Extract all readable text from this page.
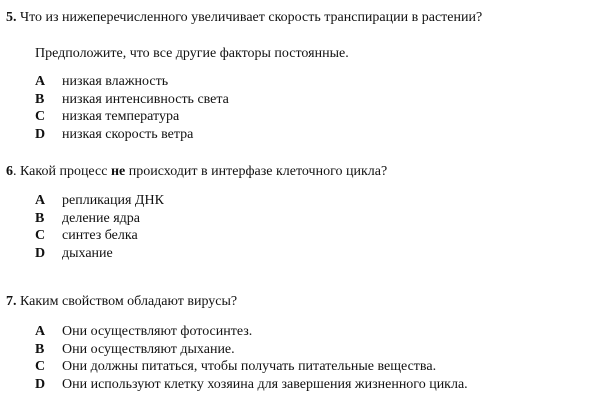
5. Что из нижеперечисленного увеличивает скорость транспирации в растении?
Предположите, что все другие факторы постоянные.
A	низкая влажность
B	низкая интенсивность света
C	низкая температура
D	низкая скорость ветра
6. Какой процесс не происходит в интерфазе клеточного цикла?
A	репликация ДНК
B	деление ядра
C	синтез белка
D	дыхание
7. Каким свойством обладают вирусы?
A	Они осуществляют фотосинтез.
B	Они осуществляют дыхание.
C	Они должны питаться, чтобы получать питательные вещества.
D	Они используют клетку хозяина для завершения жизненного цикла.
